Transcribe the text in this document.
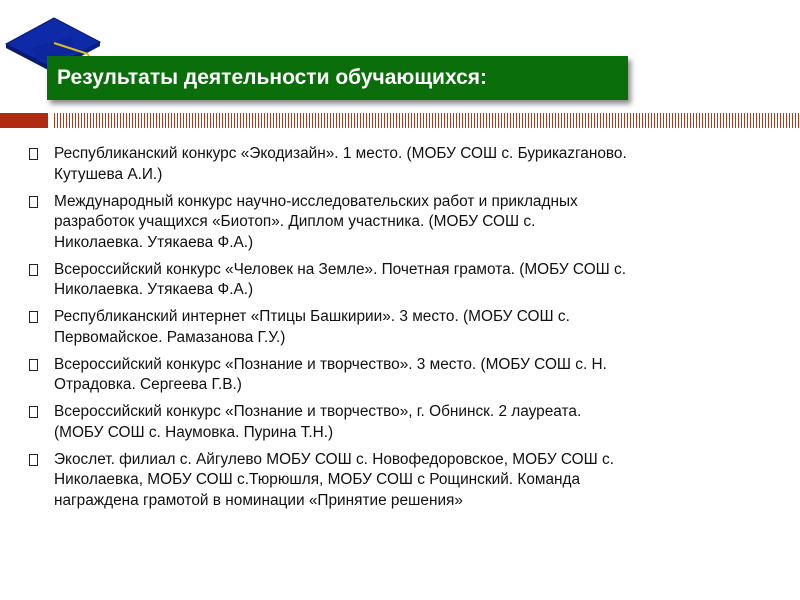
Результаты деятельности обучающихся:
Республиканский конкурс «Экодизайн». 1 место. (МОБУ СОШ с. Бурикazганово.
Кутушева А.И.)
Международный конкурс научно-исследовательских работ и прикладных
разработок учащихся «Биотоп». Диплом участника. (МОБУ СОШ с.
Николаевка. Утякаева Ф.А.)
Всероссийский конкурс «Человек на Земле». Почетная грамота. (МОБУ СОШ с.
Николаевка. Утякаева Ф.А.)
Республиканский интернет «Птицы Башкирии». 3 место. (МОБУ СОШ с.
Первомайское. Рамазанова Г.У.)
Всероссийский конкурс «Познание и творчество». 3 место. (МОБУ СОШ с. Н.
Отрадовка. Сергеева Г.В.)
Всероссийский конкурс «Познание и творчество», г. Обнинск. 2 лауреата.
(МОБУ СОШ с. Наумовка. Пурина Т.Н.)
Экослет. филиал с. Айгулево МОБУ СОШ с. Новофедоровское, МОБУ СОШ с.
Николаевка, МОБУ СОШ с.Тюрюшля, МОБУ СОШ с Рощинский. Команда
награждена грамотой в номинации «Принятие решения»
